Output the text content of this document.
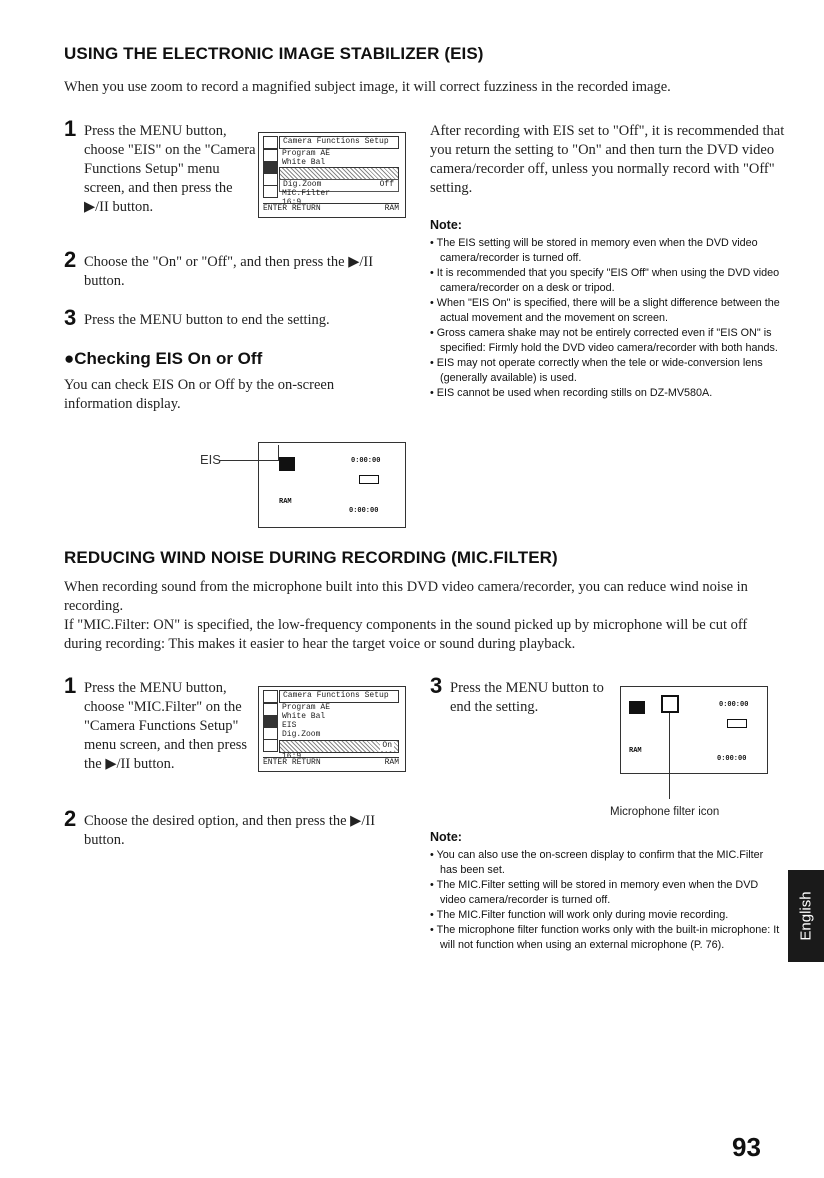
USING THE ELECTRONIC IMAGE STABILIZER (EIS)
When you use zoom to record a magnified subject image, it will correct fuzziness in the recorded image.
1 Press the MENU button, choose "EIS" on the "Camera Functions Setup" menu screen, and then press the ▶/II button.
Camera Functions Setup
Program AE
White Bal
Dig.Zoom	Off
MIC.Filter
16:9
ENTER RETURN	RAM
2 Choose the "On" or "Off", and then press the ▶/II button.
3 Press the MENU button to end the setting.
●Checking EIS On or Off
You can check EIS On or Off by the on-screen information display.
0:00:00
RAM
0:00:00
EIS
After recording with EIS set to "Off", it is recommended that you return the setting to "On" and then turn the DVD video camera/recorder off, unless you normally record with "Off" setting.
Note:
• The EIS setting will be stored in memory even when the DVD video camera/recorder is turned off.
• It is recommended that you specify "EIS Off" when using the DVD video camera/recorder on a desk or tripod.
• When "EIS On" is specified, there will be a slight difference between the actual movement and the movement on screen.
• Gross camera shake may not be entirely corrected even if "EIS ON" is specified: Firmly hold the DVD video camera/recorder with both hands.
• EIS may not operate correctly when the tele or wide-conversion lens (generally available) is used.
• EIS cannot be used when recording stills on DZ-MV580A.
REDUCING WIND NOISE DURING RECORDING (MIC.FILTER)
When recording sound from the microphone built into this DVD video camera/recorder, you can reduce wind noise in recording.
If "MIC.Filter: ON" is specified, the low-frequency components in the sound picked up by microphone will be cut off during recording: This makes it easier to hear the target voice or sound during playback.
1 Press the MENU button, choose "MIC.Filter" on the "Camera Functions Setup" menu screen, and then press the ▶/II button.
Camera Functions Setup
Program AE
White Bal
EIS
Dig.Zoom
On
16:9
ENTER RETURN	RAM
2 Choose the desired option, and then press the ▶/II button.
3 Press the MENU button to end the setting.	0:00:00
RAM
0:00:00
Microphone filter icon
Note:
• You can also use the on-screen display to confirm that the MIC.Filter has been set.
• The MIC.Filter setting will be stored in memory even when the DVD video camera/recorder is turned off.
• The MIC.Filter function will work only during movie recording.
• The microphone filter function works only with the built-in microphone: It will not function when using an external microphone (P. 76).
English
93
